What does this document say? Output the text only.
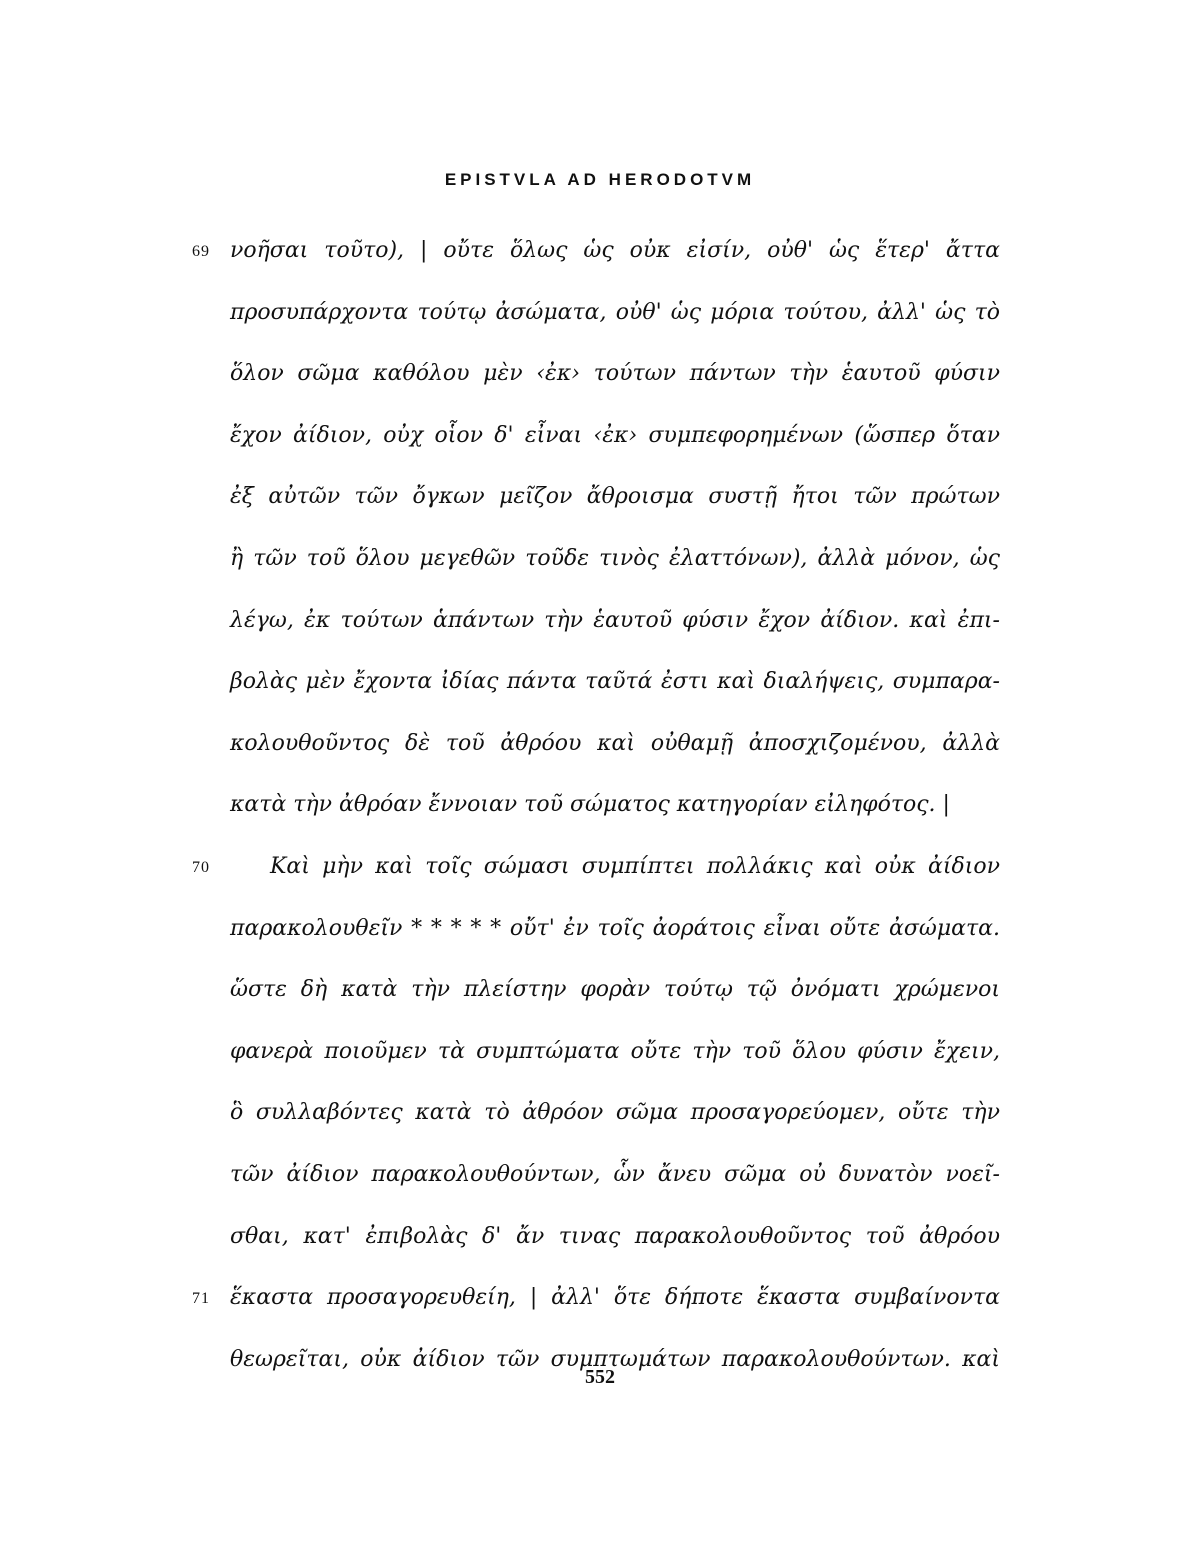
EPISTVLA AD HERODOTVM
69 νοῆσαι τοῦτο), | οὔτε ὅλως ὡς οὐκ εἰσίν, οὐθ' ὡς ἕτερ' ἄττα
προσυπάρχοντα τούτῳ ἀσώματα, οὐθ' ὡς μόρια τούτου, ἀλλ' ὡς τὸ
ὅλον σῶμα καθόλου μὲν ‹ἐκ› τούτων πάντων τὴν ἑαυτοῦ φύσιν
ἔχον ἀίδιον, οὐχ οἷον δ' εἶναι ‹ἐκ› συμπεφορημένων (ὥσπερ ὅταν
ἐξ αὐτῶν τῶν ὄγκων μεῖζον ἄθροισμα συστῇ ἤτοι τῶν πρώτων
ἢ τῶν τοῦ ὅλου μεγεθῶν τοῦδε τινὸς ἐλαττόνων), ἀλλὰ μόνον, ὡς
λέγω, ἐκ τούτων ἁπάντων τὴν ἑαυτοῦ φύσιν ἔχον ἀίδιον. καὶ ἐπι-
βολὰς μὲν ἔχοντα ἰδίας πάντα ταῦτά ἐστι καὶ διαλήψεις, συμπαρα-
κολουθοῦντος δὲ τοῦ ἀθρόου καὶ οὐθαμῇ ἀποσχιζομένου, ἀλλὰ
κατὰ τὴν ἀθρόαν ἔννοιαν τοῦ σώματος κατηγορίαν εἰληφότος. |
70	Καὶ μὴν καὶ τοῖς σώμασι συμπίπτει πολλάκις καὶ οὐκ ἀίδιον
παρακολουθεῖν * * * * * οὔτ' ἐν τοῖς ἀοράτοις εἶναι οὔτε ἀσώματα.
ὥστε δὴ κατὰ τὴν πλείστην φορὰν τούτῳ τῷ ὀνόματι χρώμενοι
φανερὰ ποιοῦμεν τὰ συμπτώματα οὔτε τὴν τοῦ ὅλου φύσιν ἔχειν,
ὃ συλλαβόντες κατὰ τὸ ἀθρόον σῶμα προσαγορεύομεν, οὔτε τὴν
τῶν ἀίδιον παρακολουθούντων, ὧν ἄνευ σῶμα οὐ δυνατὸν νοεῖ-
σθαι, κατ' ἐπιβολὰς δ' ἄν τινας παρακολουθοῦντος τοῦ ἀθρόου
71 ἕκαστα προσαγορευθείη, | ἀλλ' ὅτε δήποτε ἕκαστα συμβαίνοντα
θεωρεῖται, οὐκ ἀίδιον τῶν συμπτωμάτων παρακολουθούντων. καὶ
552
